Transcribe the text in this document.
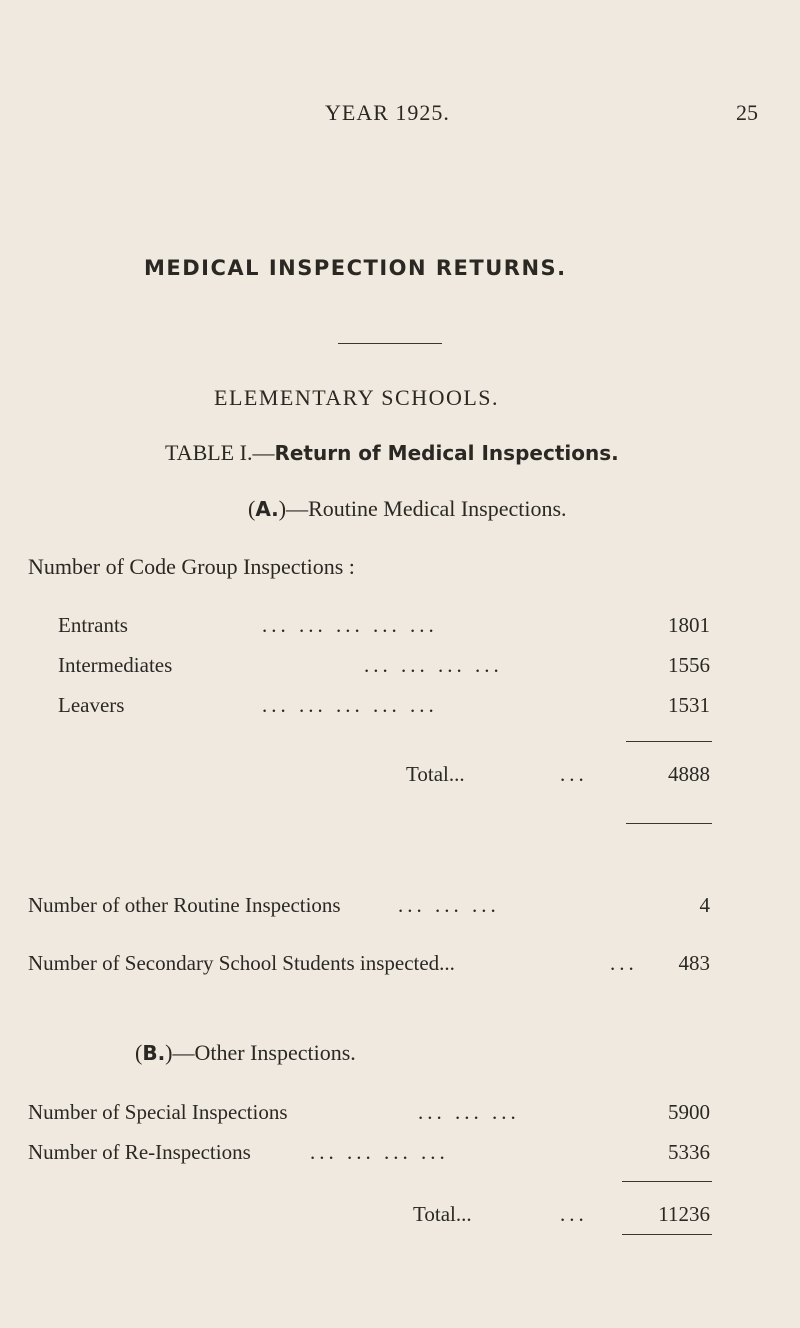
YEAR 1925.	25
MEDICAL INSPECTION RETURNS.
ELEMENTARY SCHOOLS.
TABLE I.—Return of Medical Inspections.
(A.)—Routine Medical Inspections.
Number of Code Group Inspections :
Entrants	... ... ... ... ...	1801
Intermediates	... ... ... ...	1556
Leavers	... ... ... ... ...	1531
Total...	...	4888
Number of other Routine Inspections	... ... ...	4
Number of Secondary School Students inspected...	... 483
(B.)—Other Inspections.
Number of Special Inspections	... ... ...	5900
Number of Re-Inspections	... ... ... ...	5336
Total...	...	11236
